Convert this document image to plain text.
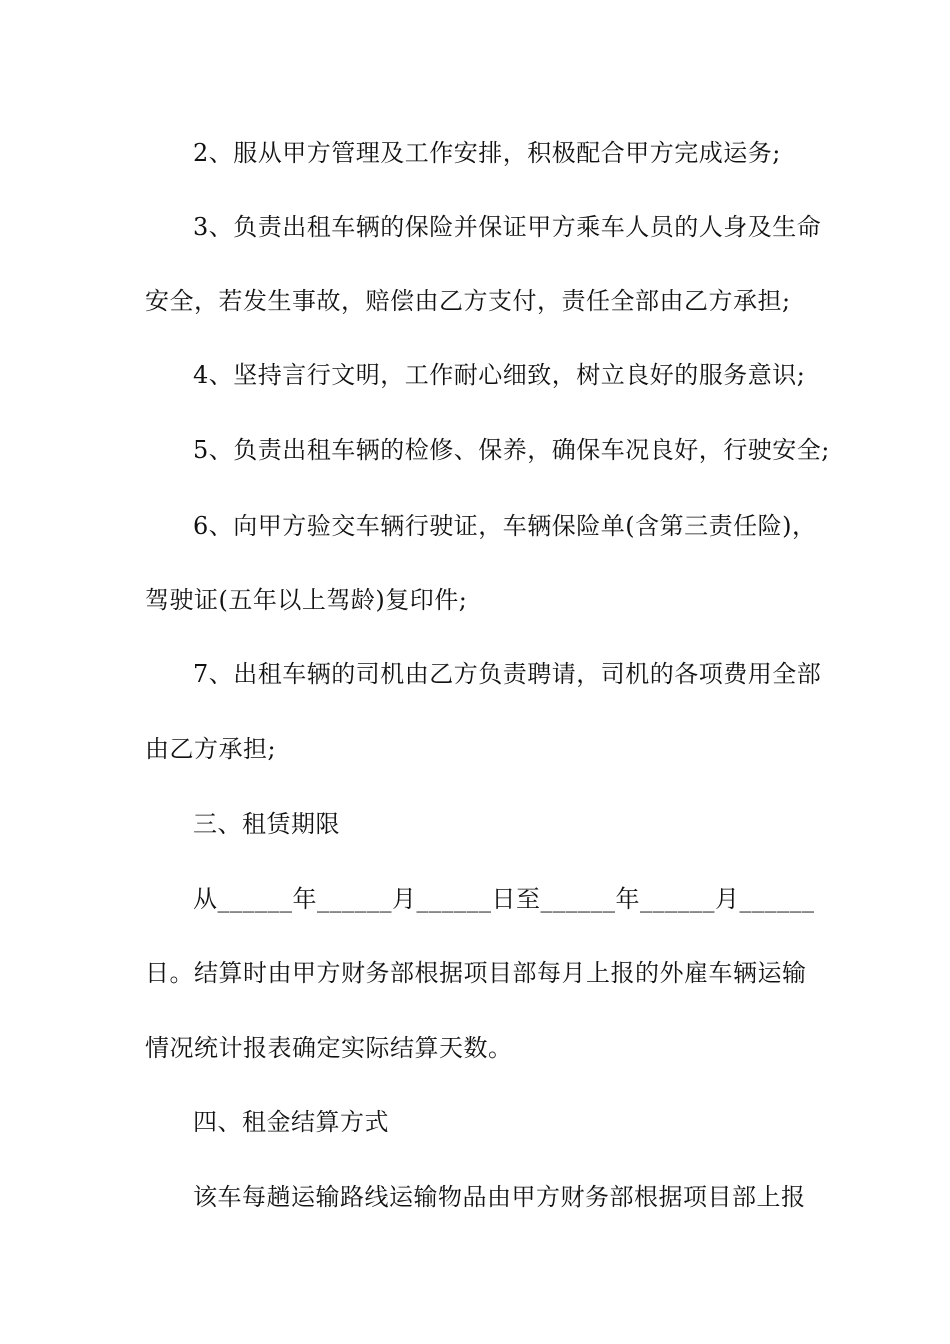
2、服从甲方管理及工作安排，积极配合甲方完成运务;
3、负责出租车辆的保险并保证甲方乘车人员的人身及生命
安全，若发生事故，赔偿由乙方支付，责任全部由乙方承担;
4、坚持言行文明，工作耐心细致，树立良好的服务意识;
5、负责出租车辆的检修、保养，确保车况良好，行驶安全;
6、向甲方验交车辆行驶证，车辆保险单(含第三责任险)，
驾驶证(五年以上驾龄)复印件;
7、出租车辆的司机由乙方负责聘请，司机的各项费用全部
由乙方承担;
三、租赁期限
从______年______月______日至______年______月______
日。结算时由甲方财务部根据项目部每月上报的外雇车辆运输
情况统计报表确定实际结算天数。
四、租金结算方式
该车每趟运输路线运输物品由甲方财务部根据项目部上报
